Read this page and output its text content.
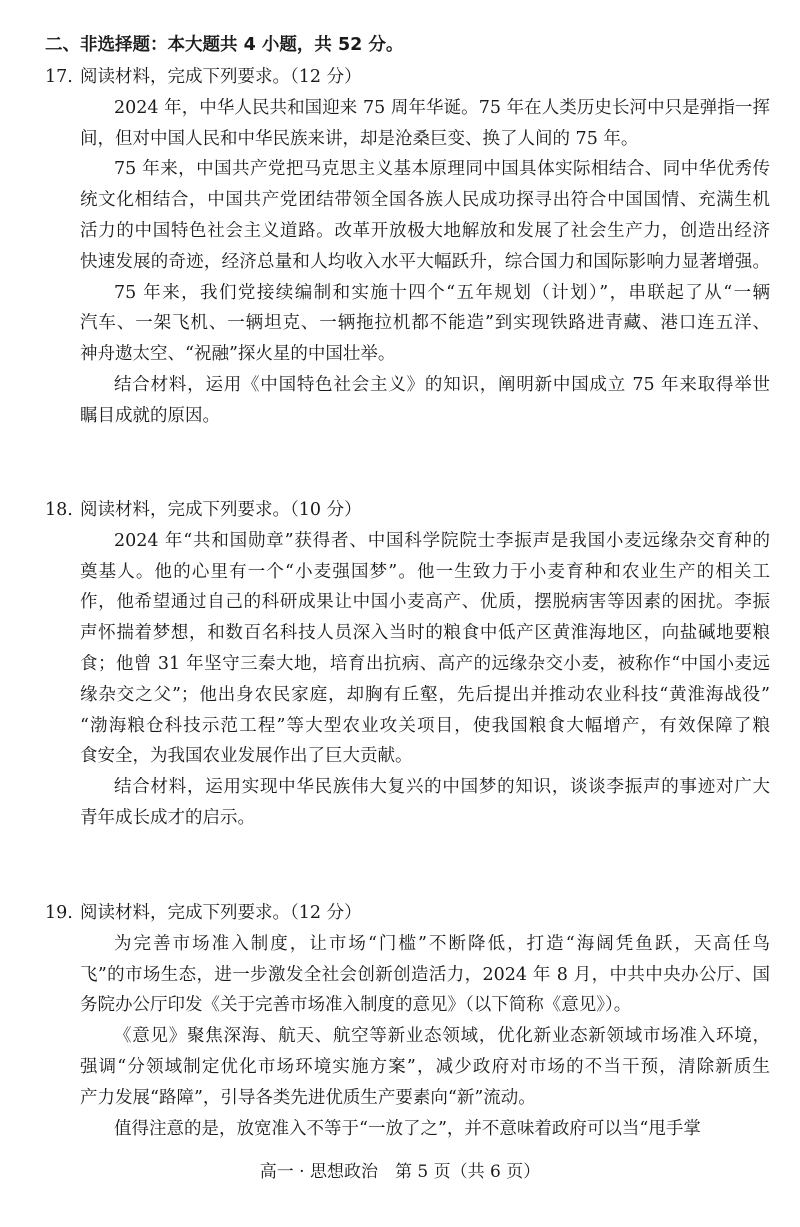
二、非选择题：本大题共 4 小题，共 52 分。
高一 · 思想政治　第 5 页（共 6 页）
17. 阅读材料，完成下列要求。（12 分）
2024 年，中华人民共和国迎来 75 周年华诞。75 年在人类历史长河中只是弹指一挥
间，但对中国人民和中华民族来讲，却是沧桑巨变、换了人间的 75 年。
75 年来，中国共产党把马克思主义基本原理同中国具体实际相结合、同中华优秀传
统文化相结合，中国共产党团结带领全国各族人民成功探寻出符合中国国情、充满生机
活力的中国特色社会主义道路。改革开放极大地解放和发展了社会生产力，创造出经济
快速发展的奇迹，经济总量和人均收入水平大幅跃升，综合国力和国际影响力显著增强。
75 年来，我们党接续编制和实施十四个“五年规划（计划）”，串联起了从“一辆
汽车、一架飞机、一辆坦克、一辆拖拉机都不能造”到实现铁路进青藏、港口连五洋、
神舟遨太空、“祝融”探火星的中国壮举。
结合材料，运用《中国特色社会主义》的知识，阐明新中国成立 75 年来取得举世
瞩目成就的原因。
18. 阅读材料，完成下列要求。（10 分）
2024 年“共和国勋章”获得者、中国科学院院士李振声是我国小麦远缘杂交育种的
奠基人。他的心里有一个“小麦强国梦”。他一生致力于小麦育种和农业生产的相关工
作，他希望通过自己的科研成果让中国小麦高产、优质，摆脱病害等因素的困扰。李振
声怀揣着梦想，和数百名科技人员深入当时的粮食中低产区黄淮海地区，向盐碱地要粮
食；他曾 31 年坚守三秦大地，培育出抗病、高产的远缘杂交小麦，被称作“中国小麦远
缘杂交之父”；他出身农民家庭，却胸有丘壑，先后提出并推动农业科技“黄淮海战役”
“渤海粮仓科技示范工程”等大型农业攻关项目，使我国粮食大幅增产，有效保障了粮
食安全，为我国农业发展作出了巨大贡献。
结合材料，运用实现中华民族伟大复兴的中国梦的知识，谈谈李振声的事迹对广大
青年成长成才的启示。
19. 阅读材料，完成下列要求。（12 分）
为完善市场准入制度，让市场“门槛”不断降低，打造“海阔凭鱼跃，天高任鸟
飞”的市场生态，进一步激发全社会创新创造活力，2024 年 8 月，中共中央办公厅、国
务院办公厅印发《关于完善市场准入制度的意见》（以下简称《意见》）。
《意见》聚焦深海、航天、航空等新业态领域，优化新业态新领域市场准入环境，
强调“分领域制定优化市场环境实施方案”，减少政府对市场的不当干预，清除新质生
产力发展“路障”，引导各类先进优质生产要素向“新”流动。
值得注意的是，放宽准入不等于“一放了之”，并不意味着政府可以当“甩手掌
